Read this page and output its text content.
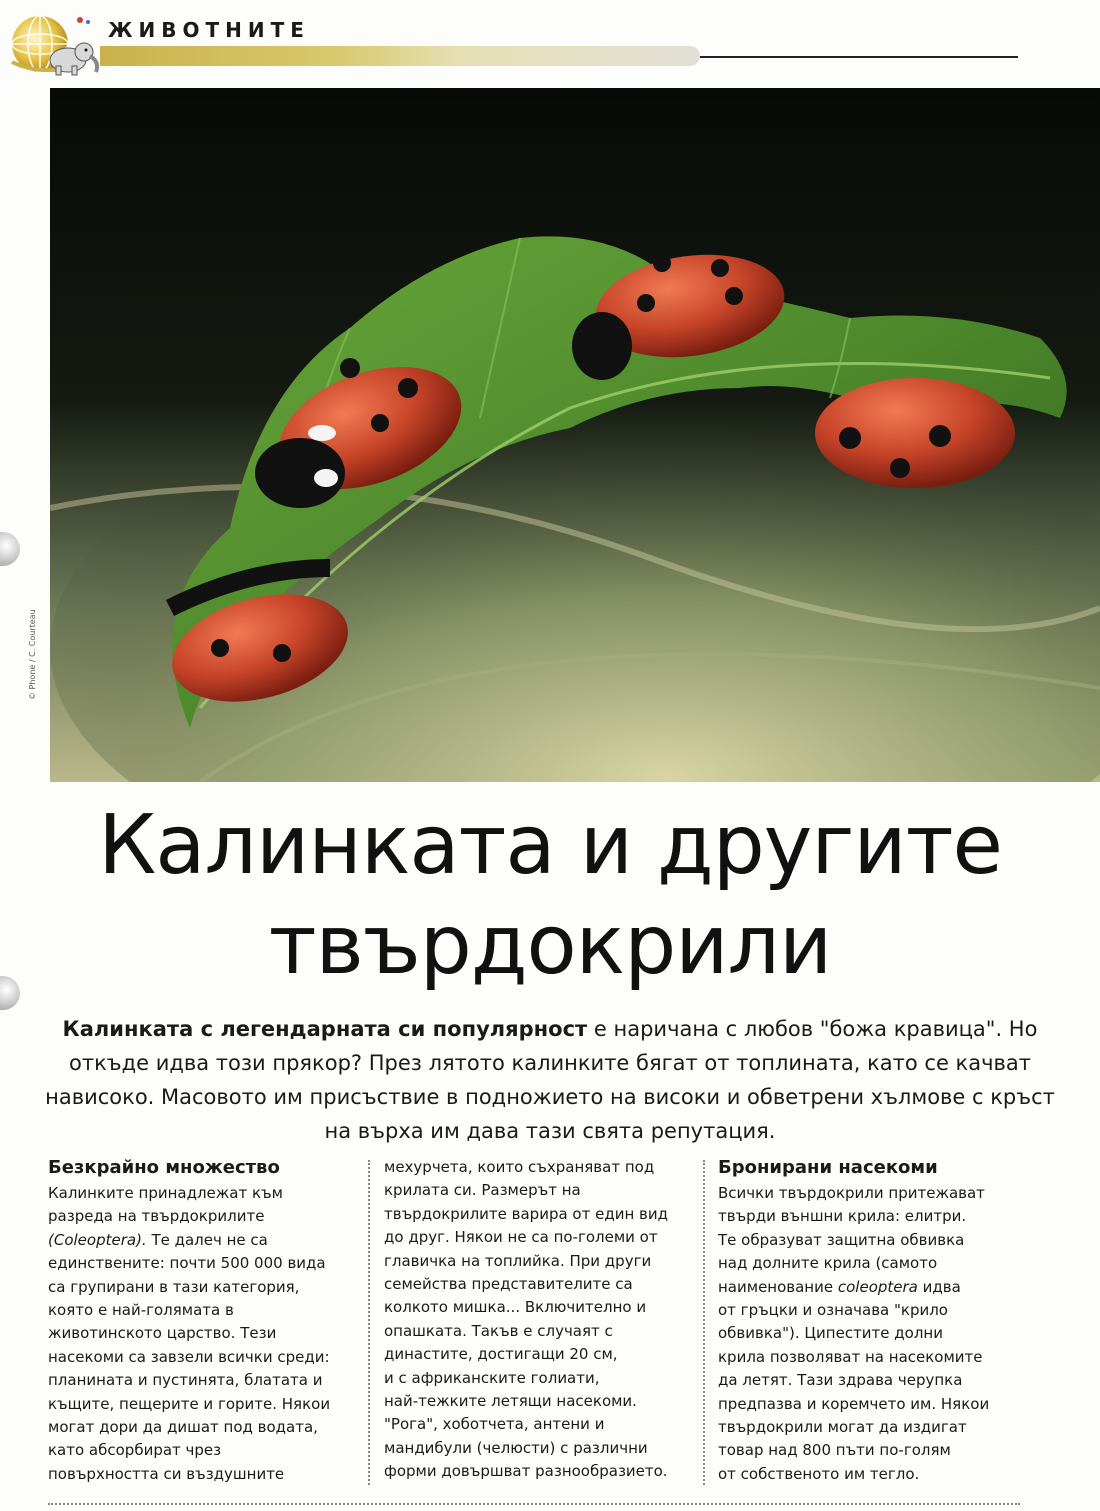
ЖИВОТНИТЕ
© Phone / C. Courteau
Калинката и другите
твърдокрили

Калинката с легендарната си популярност е наричана с любов "божа кравица". Но откъде идва този прякор? През лятото калинките бягат от топлината, като се качват нависоко. Масовото им присъствие в подножието на високи и обветрени хълмове с кръст на върха им дава тази свята репутация.

Безкрайно множество

Калинките принадлежат към
разреда на твърдокрилите
(Coleoptera). Те далеч не са
единствените: почти 500 000 вида
са групирани в тази категория,
която е най-голямата в
животинското царство. Тези
насекоми са завзели всички среди:
планината и пустинята, блатата и
къщите, пещерите и горите. Някои
могат дори да дишат под водата,
като абсорбират чрез
повърхността си въздушните

мехурчета, които съхраняват под
крилата си. Размерът на
твърдокрилите варира от един вид
до друг. Някои не са по-големи от
главичка на топлийка. При други
семейства представителите са
колкото мишка... Включително и
опашката. Такъв е случаят с
династите, достигащи 20 см,
и с африканските голиати,
най-тежките летящи насекоми.
"Рога", хоботчета, антени и
мандибули (челюсти) с различни
форми довършват разнообразието.

Бронирани насекоми

Всички твърдокрили притежават
твърди външни крила: елитри.
Те образуват защитна обвивка
над долните крила (самото
наименование coleoptera идва
от гръцки и означава "крило
обвивка"). Ципестите долни
крила позволяват на насекомите
да летят. Тази здрава черупка
предпазва и коремчето им. Някои
твърдокрили могат да издигат
товар над 800 пъти по-голям
от собственото им тегло.
